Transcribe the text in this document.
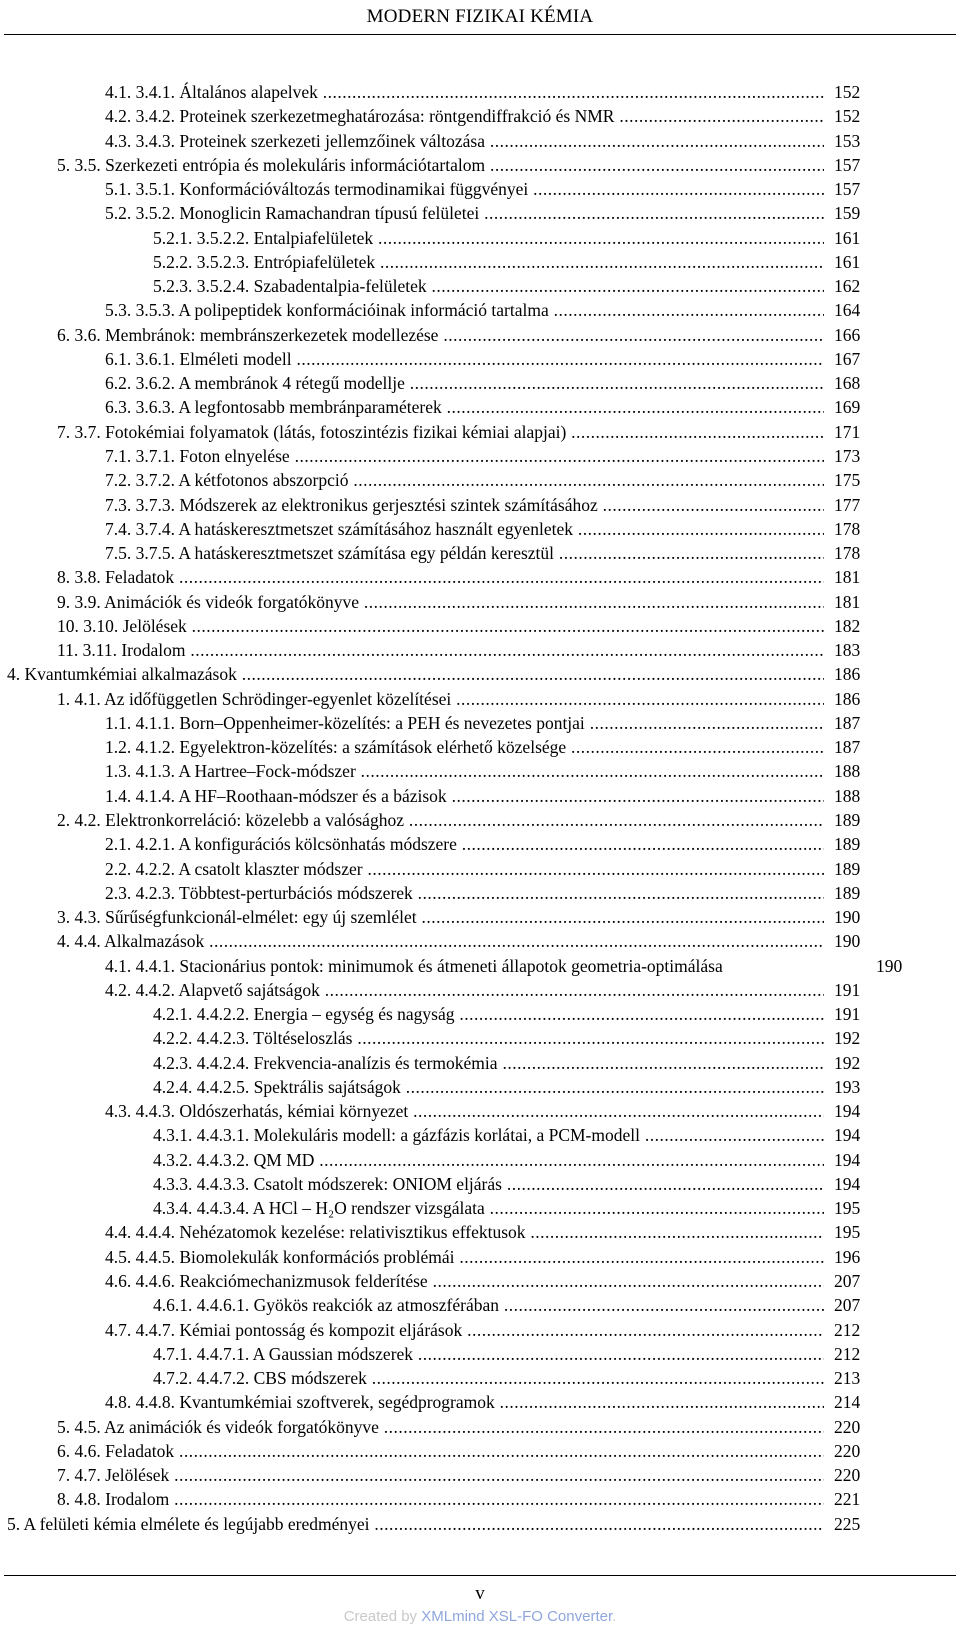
MODERN FIZIKAI KÉMIA
4.1. 3.4.1. Általános alapelvek .....	152
4.2. 3.4.2. Proteinek szerkezetmeghatározása: röntgendiffrakció és NMR .....	152
4.3. 3.4.3. Proteinek szerkezeti jellemzőinek változása .....	153
5. 3.5. Szerkezeti entrópia és molekuláris információtartalom .....	157
5.1. 3.5.1. Konformációváltozás termodinamikai függvényei .....	157
5.2. 3.5.2. Monoglicin Ramachandran típusú felületei .....	159
5.2.1. 3.5.2.2. Entalpiafelületek .....	161
5.2.2. 3.5.2.3. Entrópiafelületek .....	161
5.2.3. 3.5.2.4. Szabadentalpia-felületek .....	162
5.3. 3.5.3. A polipeptidek konformációinak információ tartalma .....	164
6. 3.6. Membránok: membránszerkezetek modellezése .....	166
6.1. 3.6.1. Elméleti modell .....	167
6.2. 3.6.2. A membránok 4 rétegű modellje .....	168
6.3. 3.6.3. A legfontosabb membránparaméterek .....	169
7. 3.7. Fotokémiai folyamatok (látás, fotoszintézis fizikai kémiai alapjai) .....	171
7.1. 3.7.1. Foton elnyelése .....	173
7.2. 3.7.2. A kétfotonos abszorpció .....	175
7.3. 3.7.3. Módszerek az elektronikus gerjesztési szintek számításához .....	177
7.4. 3.7.4. A hatáskeresztmetszet számításához használt egyenletek .....	178
7.5. 3.7.5. A hatáskeresztmetszet számítása egy példán keresztül .....	178
8. 3.8. Feladatok .....	181
9. 3.9. Animációk és videók forgatókönyve .....	181
10. 3.10. Jelölések .....	182
11. 3.11. Irodalom .....	183
4. Kvantumkémiai alkalmazások .....	186
1. 4.1. Az időfüggetlen Schrödinger-egyenlet közelítései .....	186
1.1. 4.1.1. Born–Oppenheimer-közelítés: a PEH és nevezetes pontjai .....	187
1.2. 4.1.2. Egyelektron-közelítés: a számítások elérhető közelsége .....	187
1.3. 4.1.3. A Hartree–Fock-módszer .....	188
1.4. 4.1.4. A HF–Roothaan-módszer és a bázisok .....	188
2. 4.2. Elektronkorreláció: közelebb a valósághoz .....	189
2.1. 4.2.1. A konfigurációs kölcsönhatás módszere .....	189
2.2. 4.2.2. A csatolt klaszter módszer .....	189
2.3. 4.2.3. Többtest-perturbációs módszerek .....	189
3. 4.3. Sűrűségfunkcionál-elmélet: egy új szemlélet .....	190
4. 4.4. Alkalmazások .....	190
4.1. 4.4.1. Stacionárius pontok: minimumok és átmeneti állapotok geometria-optimálása	190
4.2. 4.4.2. Alapvető sajátságok .....	191
4.2.1. 4.4.2.2. Energia – egység és nagyság .....	191
4.2.2. 4.4.2.3. Töltéseloszlás .....	192
4.2.3. 4.4.2.4. Frekvencia-analízis és termokémia .....	192
4.2.4. 4.4.2.5. Spektrális sajátságok .....	193
4.3. 4.4.3. Oldószerhatás, kémiai környezet .....	194
4.3.1. 4.4.3.1. Molekuláris modell: a gázfázis korlátai, a PCM-modell .....	194
4.3.2. 4.4.3.2. QM MD .....	194
4.3.3. 4.4.3.3. Csatolt módszerek: ONIOM eljárás .....	194
4.3.4. 4.4.3.4. A HCl – H₂O rendszer vizsgálata .....	195
4.4. 4.4.4. Nehézatomok kezelése: relativisztikus effektusok .....	195
4.5. 4.4.5. Biomolekulák konformációs problémái .....	196
4.6. 4.4.6. Reakciómechanizmusok felderítése .....	207
4.6.1. 4.4.6.1. Gyökös reakciók az atmoszférában .....	207
4.7. 4.4.7. Kémiai pontosság és kompozit eljárások .....	212
4.7.1. 4.4.7.1. A Gaussian módszerek .....	212
4.7.2. 4.4.7.2. CBS módszerek .....	213
4.8. 4.4.8. Kvantumkémiai szoftverek, segédprogramok .....	214
5. 4.5. Az animációk és videók forgatókönyve .....	220
6. 4.6. Feladatok .....	220
7. 4.7. Jelölések .....	220
8. 4.8. Irodalom .....	221
5. A felületi kémia elmélete és legújabb eredményei .....	225
v
Created by XMLmind XSL-FO Converter.
